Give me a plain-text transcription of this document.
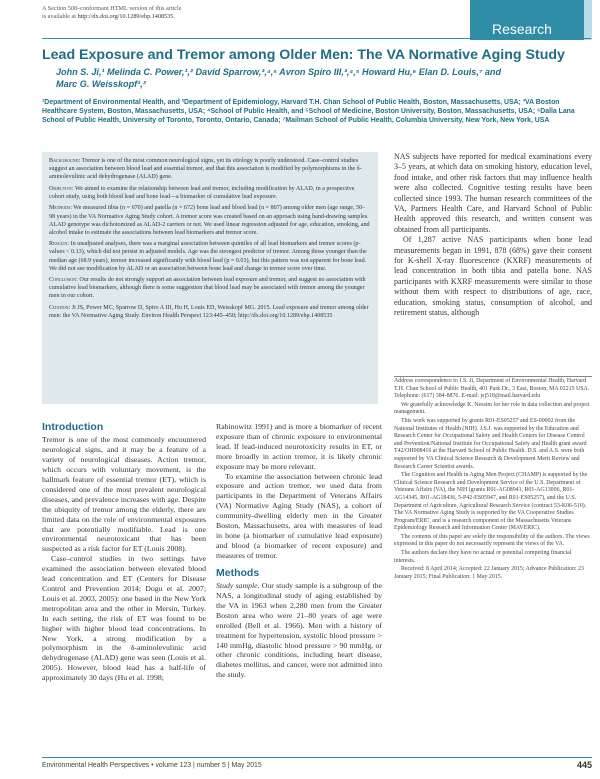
A Section 508–conformant HTML version of this article
is available at http://dx.doi.org/10.1289/ehp.1408535.
Research
Lead Exposure and Tremor among Older Men: The VA Normative Aging Study
John S. Ji,¹ Melinda C. Power,¹,² David Sparrow,³,⁴,⁵ Avron Spiro III,³,⁴,⁵ Howard Hu,⁶ Elan D. Louis,⁷ and
Marc G. Weisskopf¹,²
¹Department of Environmental Health, and ²Department of Epidemiology, Harvard T.H. Chan School of Public Health, Boston, Massachusetts, USA; ³VA Boston Healthcare System, Boston, Massachusetts, USA; ⁴School of Public Health, and ⁵School of Medicine, Boston University, Boston, Massachusetts, USA; ⁶Dalla Lana School of Public Health, University of Toronto, Toronto, Ontario, Canada; ⁷Mailman School of Public Health, Columbia University, New York, New York, USA

Background: Tremor is one of the most common neurological signs, yet its etiology is poorly understood. Case–control studies suggest an association between blood lead and essential tremor, and that this association is modified by polymorphisms in the δ-aminolevulinic acid dehydrogenase (ALAD) gene.

Objective: We aimed to examine the relationship between lead and tremor, including modification by ALAD, in a prospective cohort study, using both blood lead and bone lead—a biomarker of cumulative lead exposure.

Methods: We measured tibia (n = 670) and patella (n = 672) bone lead and blood lead (n = 807) among older men (age range, 50–98 years) in the VA Normative Aging Study cohort. A tremor score was created based on an approach using hand-drawing samples. ALAD genotype was dichotomized as ALAD-2 carriers or not. We used linear regression adjusted for age, education, smoking, and alcohol intake to estimate the associations between lead biomarkers and tremor score.

Results: In unadjusted analyses, there was a marginal association between quintiles of all lead biomarkers and tremor scores (p-values < 0.13), which did not persist in adjusted models. Age was the strongest predictor of tremor. Among those younger than the median age (68.9 years), tremor increased significantly with blood lead (p = 0.03), but this pattern was not apparent for bone lead. We did not see modification by ALAD or an association between bone lead and change in tremor score over time.

Conclusion: Our results do not strongly support an association between lead exposure and tremor, and suggest no association with cumulative lead biomarkers, although there is some suggestion that blood lead may be associated with tremor among the younger men in our cohort.

Citation: Ji JS, Power MC, Sparrow D, Spiro A III, Hu H, Louis ED, Weisskopf MG. 2015. Lead exposure and tremor among older men: the VA Normative Aging Study. Environ Health Perspect 123:445–450; http://dx.doi.org/10.1289/ehp.1408535

NAS subjects have reported for medical examinations every 3–5 years, at which data on smoking history, education level, food intake, and other risk factors that may influence health were also collected. Cognitive testing results have been collected since 1993. The human research committees of the VA, Partners Health Care, and Harvard School of Public Health approved this research, and written consent was obtained from all participants.

Of 1,287 active NAS participants when bone lead measurements began in 1991, 878 (68%) gave their consent for K-shell X-ray fluorescence (KXRF) measurements of lead concentration in both tibia and patella bone. NAS participants with KXRF measurements were similar to those without them with respect to distributions of age, race, education, smoking status, consumption of alcohol, and retirement status, although

Address correspondence to J.S. Ji, Department of Environmental Health, Harvard T.H. Chan School of Public Health, 401 Park Dr., 3 East, Boston, MA 02215 USA. Telephone: (617) 384-8876. E-mail: jsj518@mail.harvard.edu

We gratefully acknowledge K. Nessim for her role in data collection and project management.

This work was supported by grants R01-ES05257 and ES-00002 from the National Institutes of Health (NIH). J.S.J. was supported by the Education and Research Center for Occupational Safety and Health Centers for Disease Control and Prevention/National Institute for Occupational Safety and Health grant award T42/OH008416 at the Harvard School of Public Health. D.S. and A.S. were both supported by VA Clinical Science Research & Development Merit Review and Research Career Scientist awards.

The Cognition and Health in Aging Men Project (CHAMP) is supported by the Clinical Science Research and Development Service of the U.S. Department of Veterans Affairs (VA), the NIH (grants R01-AG08941, R01-AG13006, R01-AG14345, R01-AG18436, 5-P42-ES05947, and R01-ES05257), and the U.S. Department of Agriculture, Agricultural Research Service (contract 53-K06-510). The VA Normative Aging Study is supported by the VA Cooperative Studies Program/ERIC, and is a research component of the Massachusetts Veterans Epidemiology Research and Information Center (MAVERIC).

The contents of this paper are solely the responsibility of the authors. The views expressed in this paper do not necessarily represent the views of the VA.

The authors declare they have no actual or potential competing financial interests.

Received: 8 April 2014; Accepted: 22 January 2015; Advance Publication: 23 January 2015; Final Publication: 1 May 2015.

Introduction

Tremor is one of the most commonly encountered neurological signs, and it may be a feature of a variety of neurological diseases. Action tremor, which occurs with voluntary movement, is the hallmark feature of essential tremor (ET), which is considered one of the most prevalent neurological diseases, and prevalence increases with age. Despite the ubiquity of tremor among the elderly, there are limited data on the role of environmental exposures that are potentially modifiable. Lead is one environmental neurotoxicant that has been suspected as a risk factor for ET (Louis 2008).

Case–control studies in two settings have examined the association between elevated blood lead concentration and ET (Centers for Disease Control and Prevention 2014; Dogu et al. 2007; Louis et al. 2003, 2005): one based in the New York metropolitan area and the other in Mersin, Turkey. In each setting, the risk of ET was found to be higher with higher blood lead concentrations. In New York, a strong modification by a polymorphism in the δ-aminolevulinic acid dehydrogenase (ALAD) gene was seen (Louis et al. 2005). However, blood lead has a half-life of approximately 30 days (Hu et al. 1998;

Rabinowitz 1991) and is more a biomarker of recent exposure than of chronic exposure to environmental lead. If lead-induced neurotoxicity results in ET, or more broadly in action tremor, it is likely chronic exposure may be more relevant.

To examine the association between chronic lead exposure and action tremor, we used data from participants in the Department of Veterans Affairs (VA) Normative Aging Study (NAS), a cohort of community-dwelling elderly men in the Greater Boston, Massachusetts, area with measures of lead in bone (a biomarker of cumulative lead exposure) and blood (a biomarker of recent exposure) and measures of tremor.

Methods

Study sample. Our study sample is a subgroup of the NAS, a longitudinal study of aging established by the VA in 1963 when 2,280 men from the Greater Boston area who were 21–80 years of age were enrolled (Bell et al. 1966). Men with a history of treatment for hypertension, systolic blood pressure > 140 mmHg, diastolic blood pressure > 90 mmHg, or other chronic conditions, including heart disease, diabetes mellitus, and cancer, were not admitted into the study.

Environmental Health Perspectives • volume 123 | number 5 | May 2015	445
